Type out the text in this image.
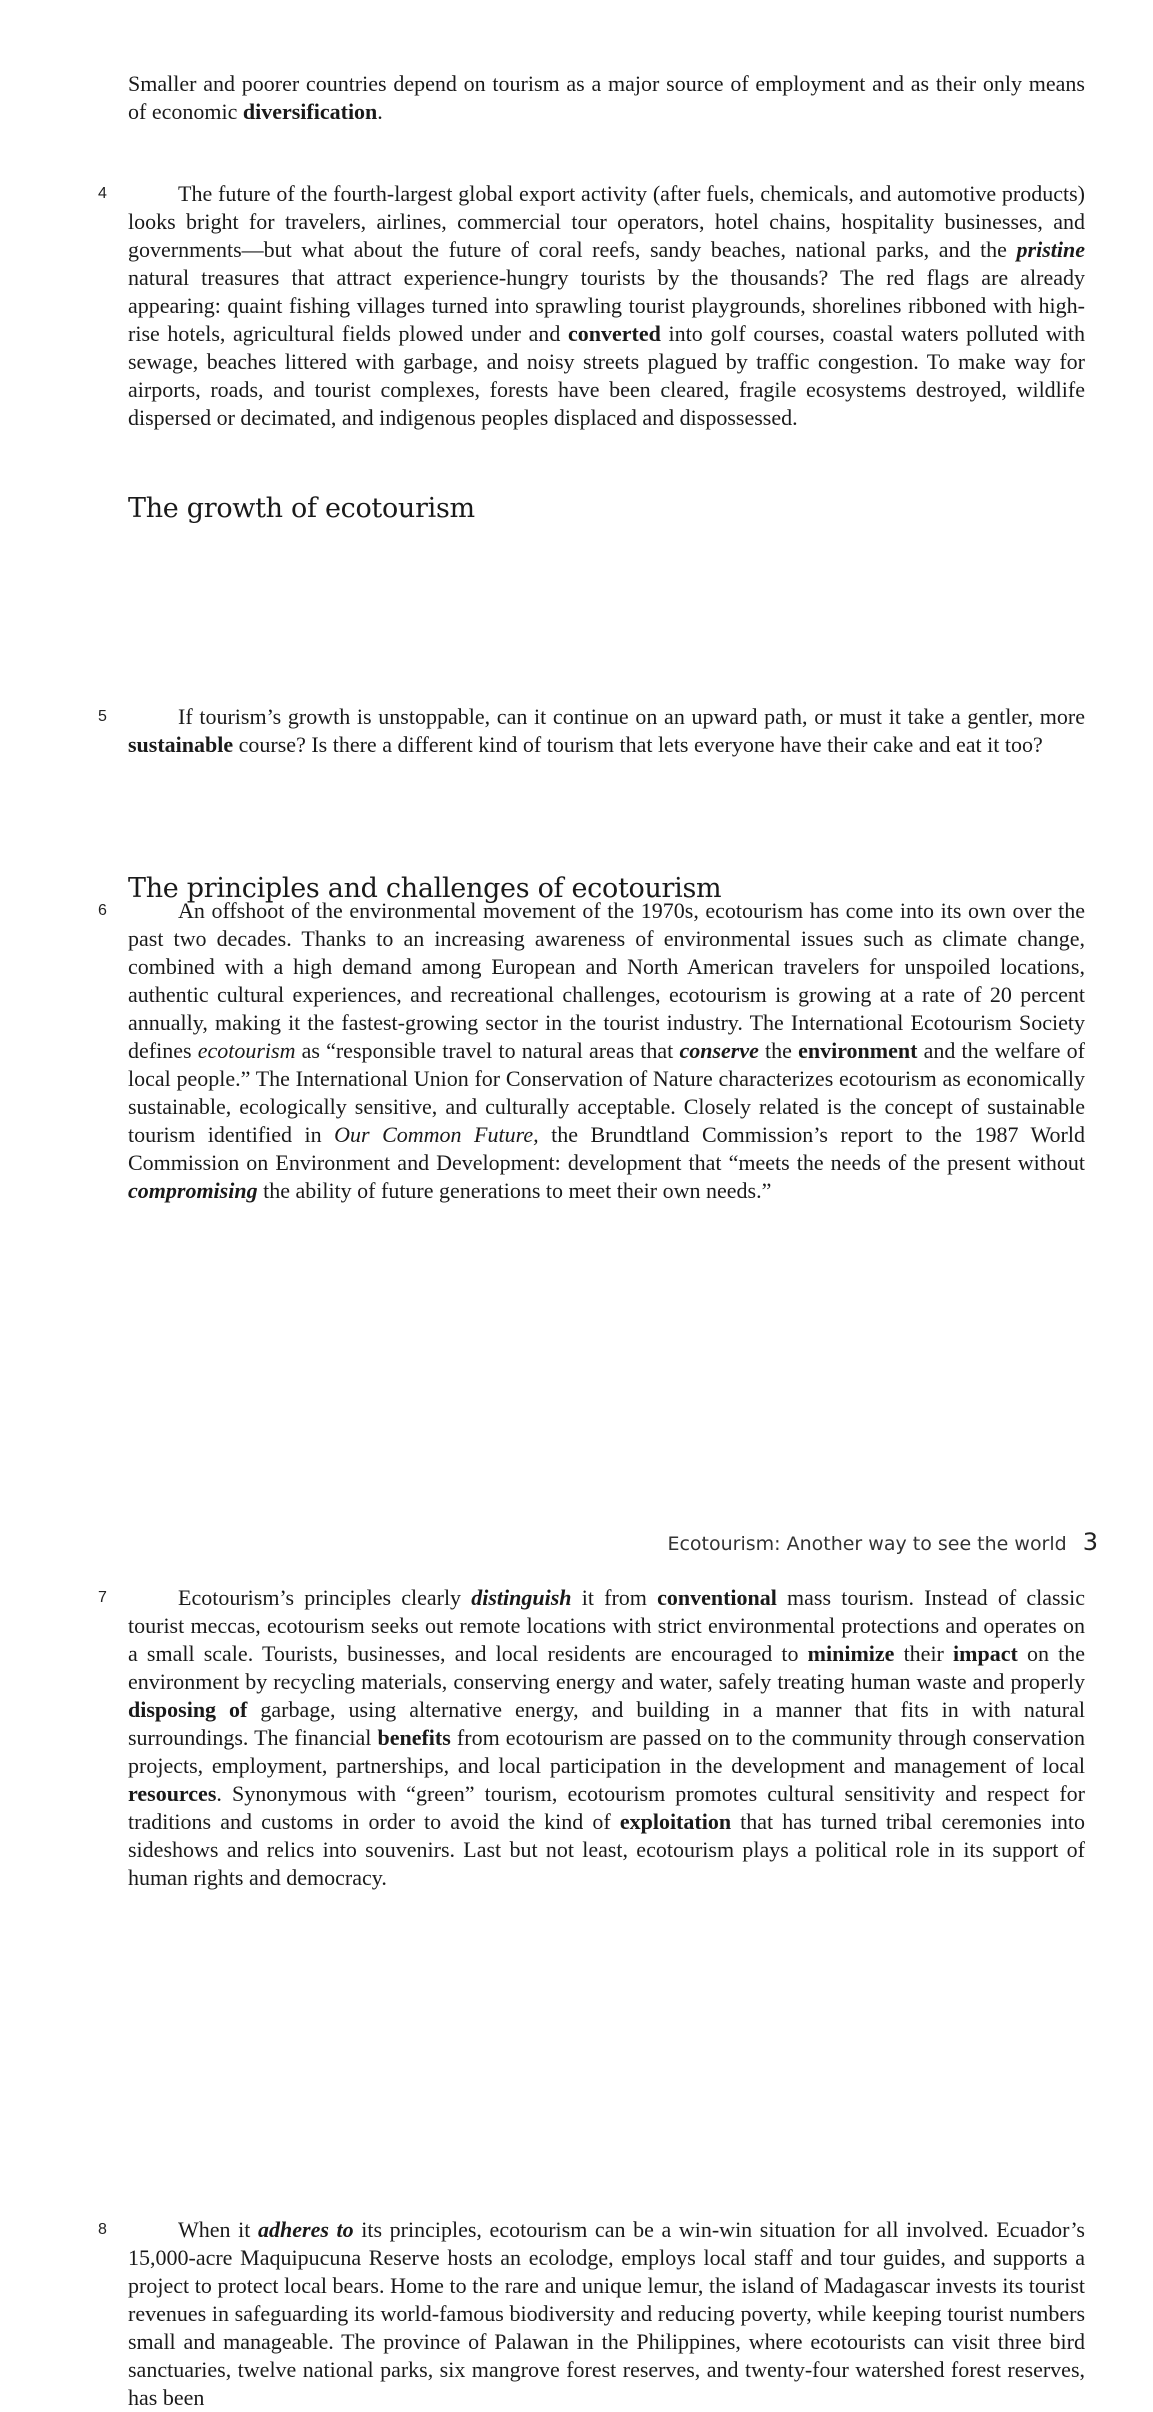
Smaller and poorer countries depend on tourism as a major source of employment and as their only means of economic diversification.

4	The future of the fourth-largest global export activity (after fuels, chemicals, and automotive products) looks bright for travelers, airlines, commercial tour operators, hotel chains, hospitality businesses, and governments—but what about the future of coral reefs, sandy beaches, national parks, and the pristine natural treasures that attract experience-hungry tourists by the thousands? The red flags are already appearing: quaint fishing villages turned into sprawling tourist playgrounds, shorelines ribboned with high-rise hotels, agricultural fields plowed under and converted into golf courses, coastal waters polluted with sewage, beaches littered with garbage, and noisy streets plagued by traffic congestion. To make way for airports, roads, and tourist complexes, forests have been cleared, fragile ecosystems destroyed, wildlife dispersed or decimated, and indigenous peoples displaced and dispossessed.

5	If tourism’s growth is unstoppable, can it continue on an upward path, or must it take a gentler, more sustainable course? Is there a different kind of tourism that lets everyone have their cake and eat it too?

The growth of ecotourism

6	An offshoot of the environmental movement of the 1970s, ecotourism has come into its own over the past two decades. Thanks to an increasing awareness of environmental issues such as climate change, combined with a high demand among European and North American travelers for unspoiled locations, authentic cultural experiences, and recreational challenges, ecotourism is growing at a rate of 20 percent annually, making it the fastest-growing sector in the tourist industry. The International Ecotourism Society defines ecotourism as “responsible travel to natural areas that conserve the environment and the welfare of local people.” The International Union for Conservation of Nature characterizes ecotourism as economically sustainable, ecologically sensitive, and culturally acceptable. Closely related is the concept of sustainable tourism identified in Our Common Future, the Brundtland Commission’s report to the 1987 World Commission on Environment and Development: development that “meets the needs of the present without compromising the ability of future generations to meet their own needs.”

The principles and challenges of ecotourism

7	Ecotourism’s principles clearly distinguish it from conventional mass tourism. Instead of classic tourist meccas, ecotourism seeks out remote locations with strict environmental protections and operates on a small scale. Tourists, businesses, and local residents are encouraged to minimize their impact on the environment by recycling materials, conserving energy and water, safely treating human waste and properly disposing of garbage, using alternative energy, and building in a manner that fits in with natural surroundings. The financial benefits from ecotourism are passed on to the community through conservation projects, employment, partnerships, and local participation in the development and management of local resources. Synonymous with “green” tourism, ecotourism promotes cultural sensitivity and respect for traditions and customs in order to avoid the kind of exploitation that has turned tribal ceremonies into sideshows and relics into souvenirs. Last but not least, ecotourism plays a political role in its support of human rights and democracy.

8	When it adheres to its principles, ecotourism can be a win-win situation for all involved. Ecuador’s 15,000-acre Maquipucuna Reserve hosts an ecolodge, employs local staff and tour guides, and supports a project to protect local bears. Home to the rare and unique lemur, the island of Madagascar invests its tourist revenues in safeguarding its world-famous biodiversity and reducing poverty, while keeping tourist numbers small and manageable. The province of Palawan in the Philippines, where ecotourists can visit three bird sanctuaries, twelve national parks, six mangrove forest reserves, and twenty-four watershed forest reserves, has been

Ecotourism: Another way to see the world 3
